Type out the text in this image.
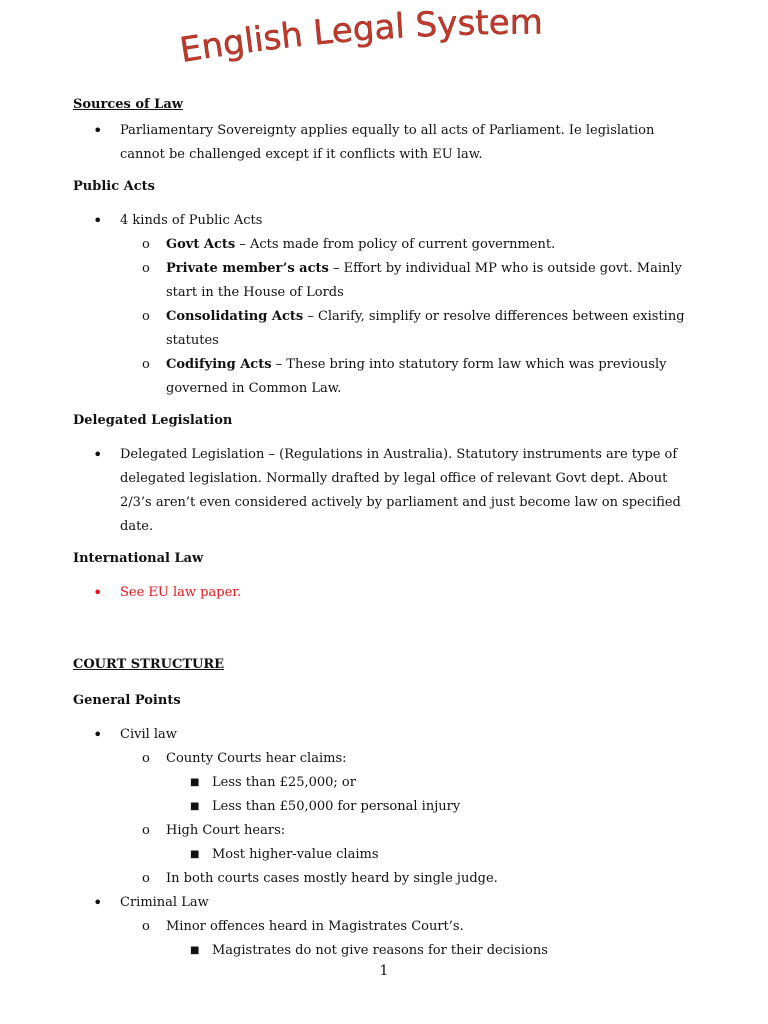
English Legal System

Sources of Law

• Parliamentary Sovereignty applies equally to all acts of Parliament. Ie legislation cannot be challenged except if it conflicts with EU law.

Public Acts

• 4 kinds of Public Acts
o Govt Acts – Acts made from policy of current government.
o Private member’s acts – Effort by individual MP who is outside govt. Mainly start in the House of Lords
o Consolidating Acts – Clarify, simplify or resolve differences between existing statutes
o Codifying Acts – These bring into statutory form law which was previously governed in Common Law.

Delegated Legislation

• Delegated Legislation – (Regulations in Australia). Statutory instruments are type of delegated legislation. Normally drafted by legal office of relevant Govt dept. About 2/3’s aren’t even considered actively by parliament and just become law on specified date.

International Law

• See EU law paper.

COURT STRUCTURE

General Points

• Civil law
o County Courts hear claims:
■ Less than £25,000; or
■ Less than £50,000 for personal injury
o High Court hears:
■ Most higher-value claims
o In both courts cases mostly heard by single judge.
• Criminal Law
o Minor offences heard in Magistrates Court’s.
■ Magistrates do not give reasons for their decisions
1
